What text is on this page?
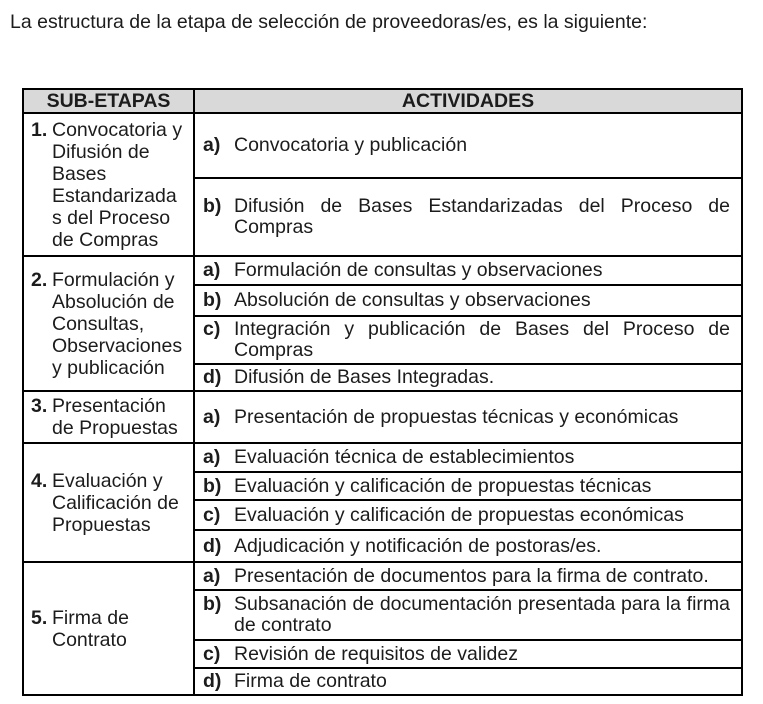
La estructura de la etapa de selección de proveedoras/es, es la siguiente:
SUB-ETAPAS	ACTIVIDADES

1. Convocatoria y Difusión de Bases Estandarizadas del Proceso de Compras	a) Convocatoria y publicación

	b) Difusión de Bases Estandarizadas del Proceso de Compras

2. Formulación y Absolución de Consultas, Observaciones y publicación	a) Formulación de consultas y observaciones

	b) Absolución de consultas y observaciones

	c) Integración y publicación de Bases del Proceso de Compras

	d) Difusión de Bases Integradas.

3. Presentación de Propuestas	a) Presentación de propuestas técnicas y económicas

4. Evaluación y Calificación de Propuestas	a) Evaluación técnica de establecimientos

	b) Evaluación y calificación de propuestas técnicas

	c) Evaluación y calificación de propuestas económicas

	d) Adjudicación y notificación de postoras/es.

5. Firma de Contrato	a) Presentación de documentos para la firma de contrato.

	b) Subsanación de documentación presentada para la firma de contrato

	c) Revisión de requisitos de validez

	d) Firma de contrato
